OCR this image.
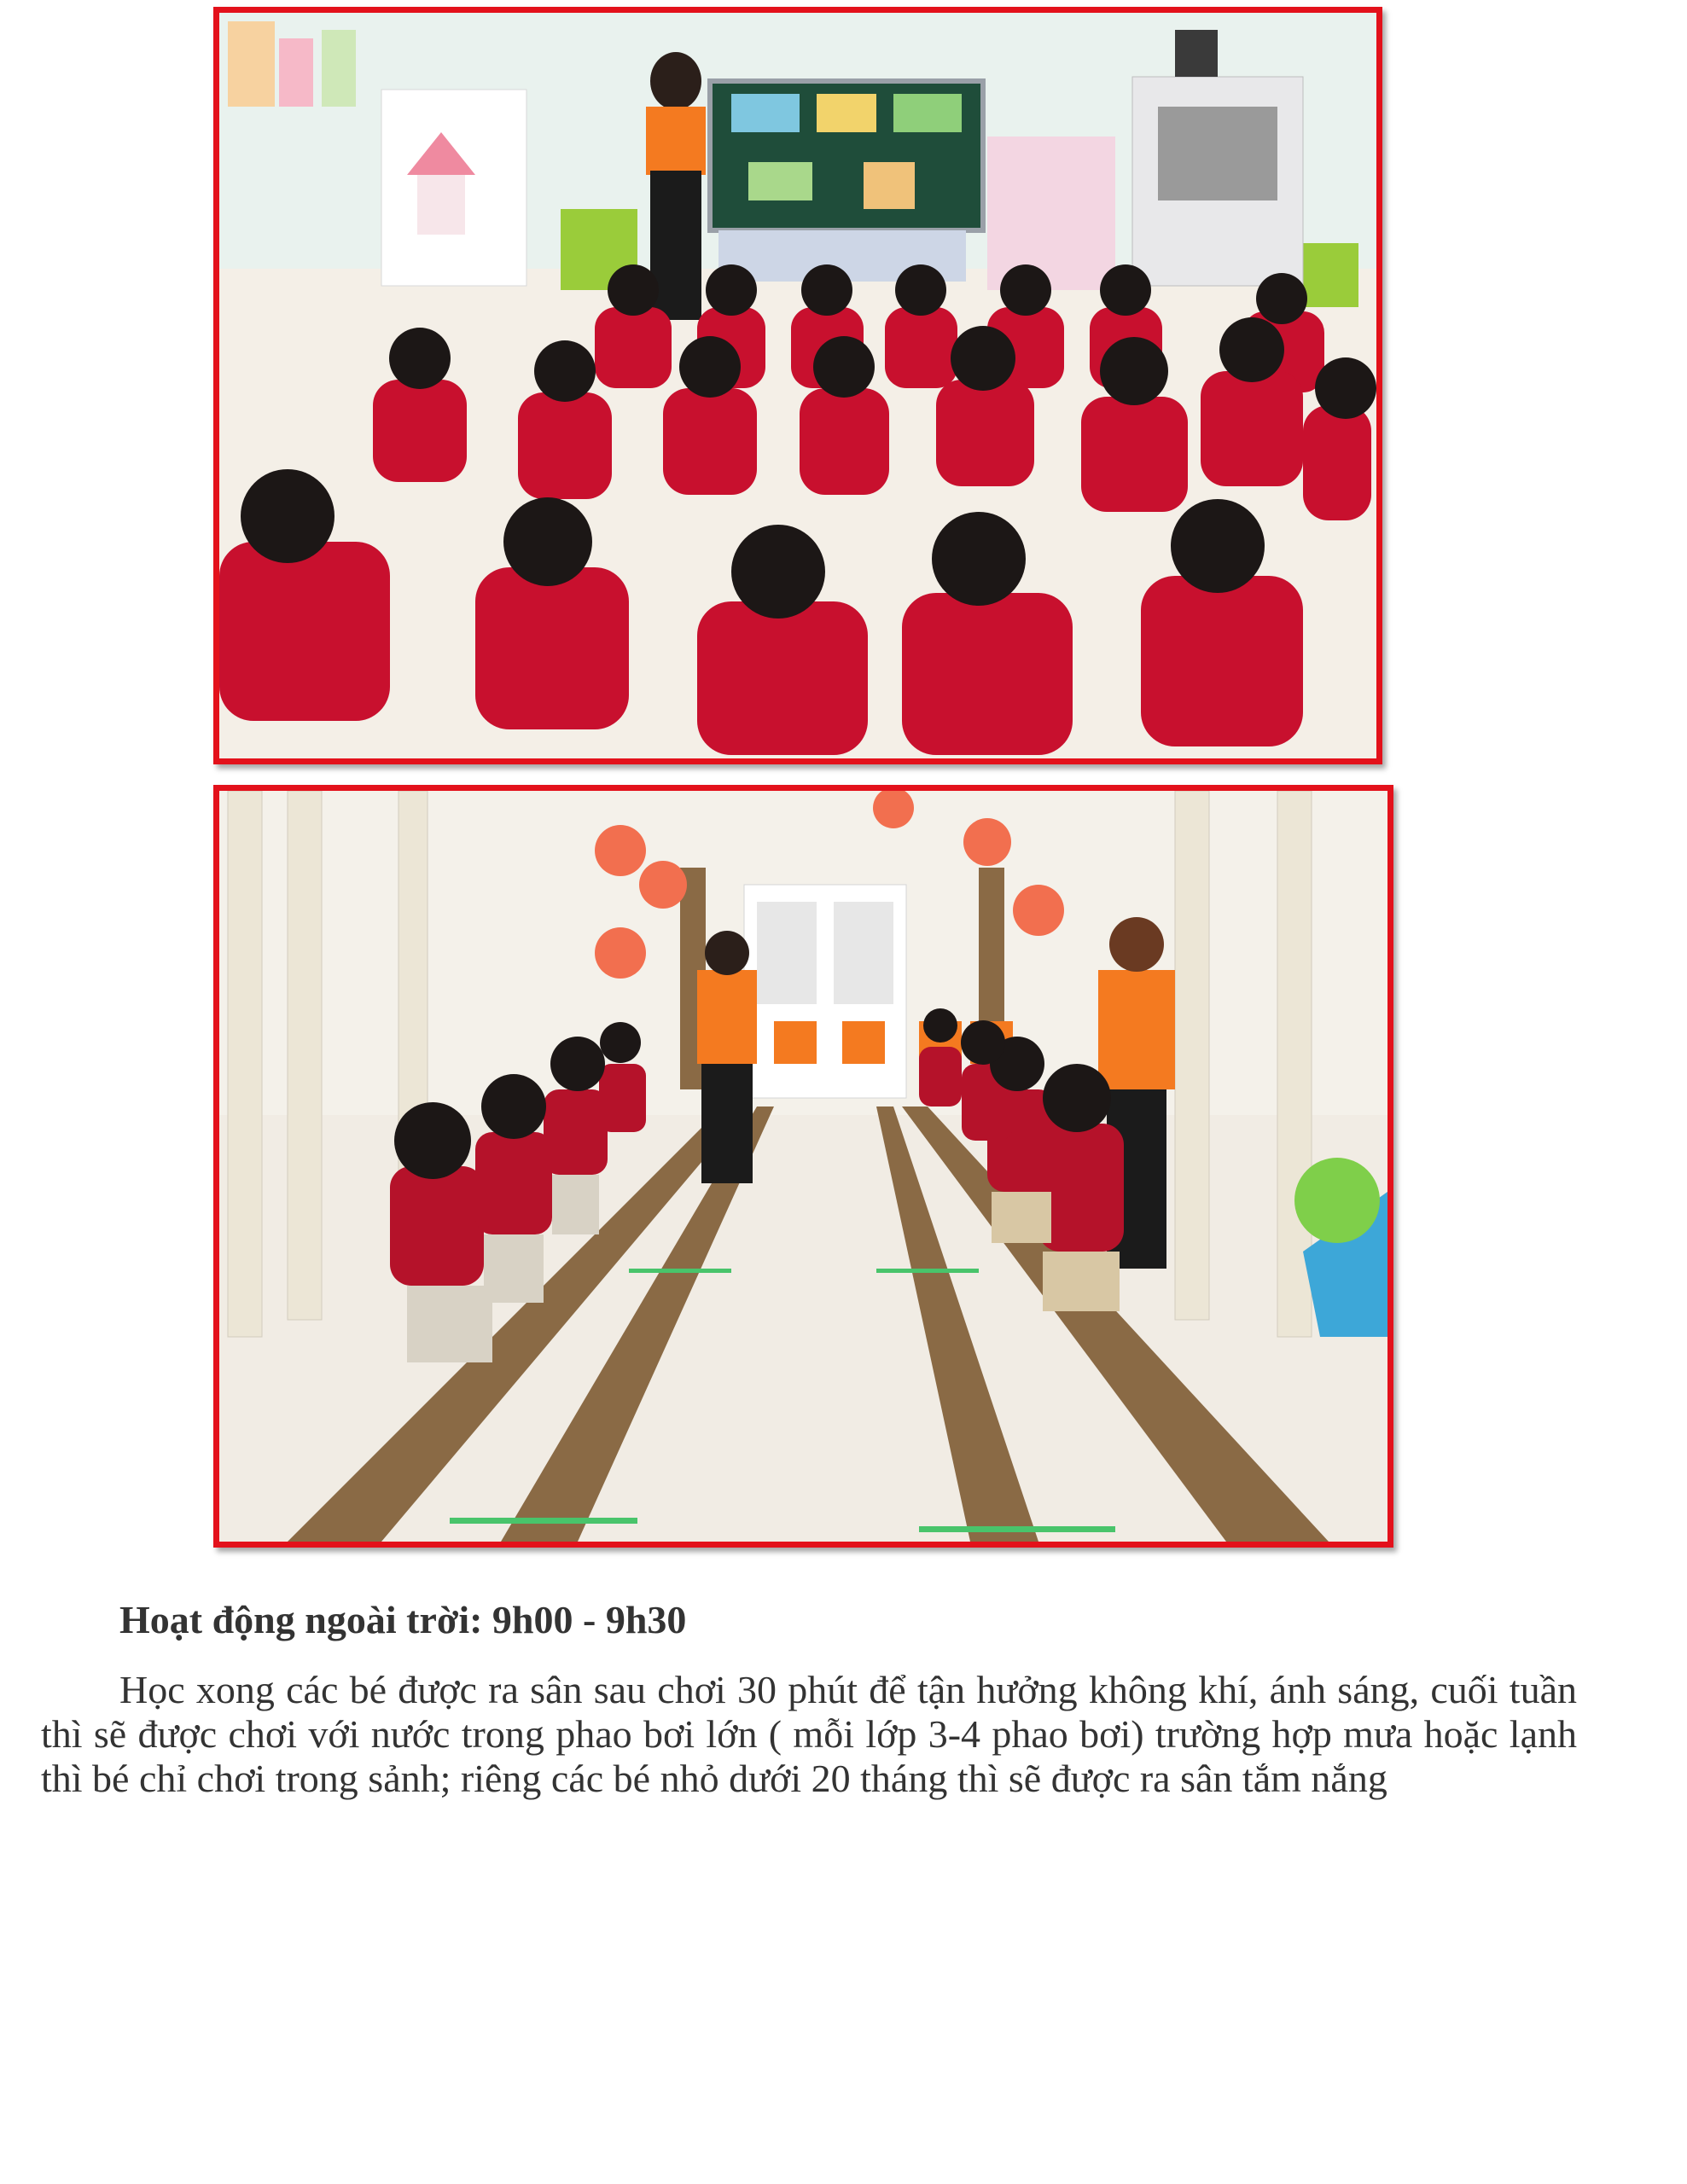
Hoạt động ngoài trời: 9h00 - 9h30
Học xong các bé được ra sân sau chơi 30 phút để tận hưởng không khí, ánh sáng, cuối tuần thì sẽ được chơi với nước trong phao bơi lớn ( mỗi lớp 3-4 phao bơi) trường hợp mưa hoặc lạnh thì bé chỉ chơi trong sảnh; riêng các bé nhỏ dưới 20 tháng thì sẽ được ra sân tắm nắng
